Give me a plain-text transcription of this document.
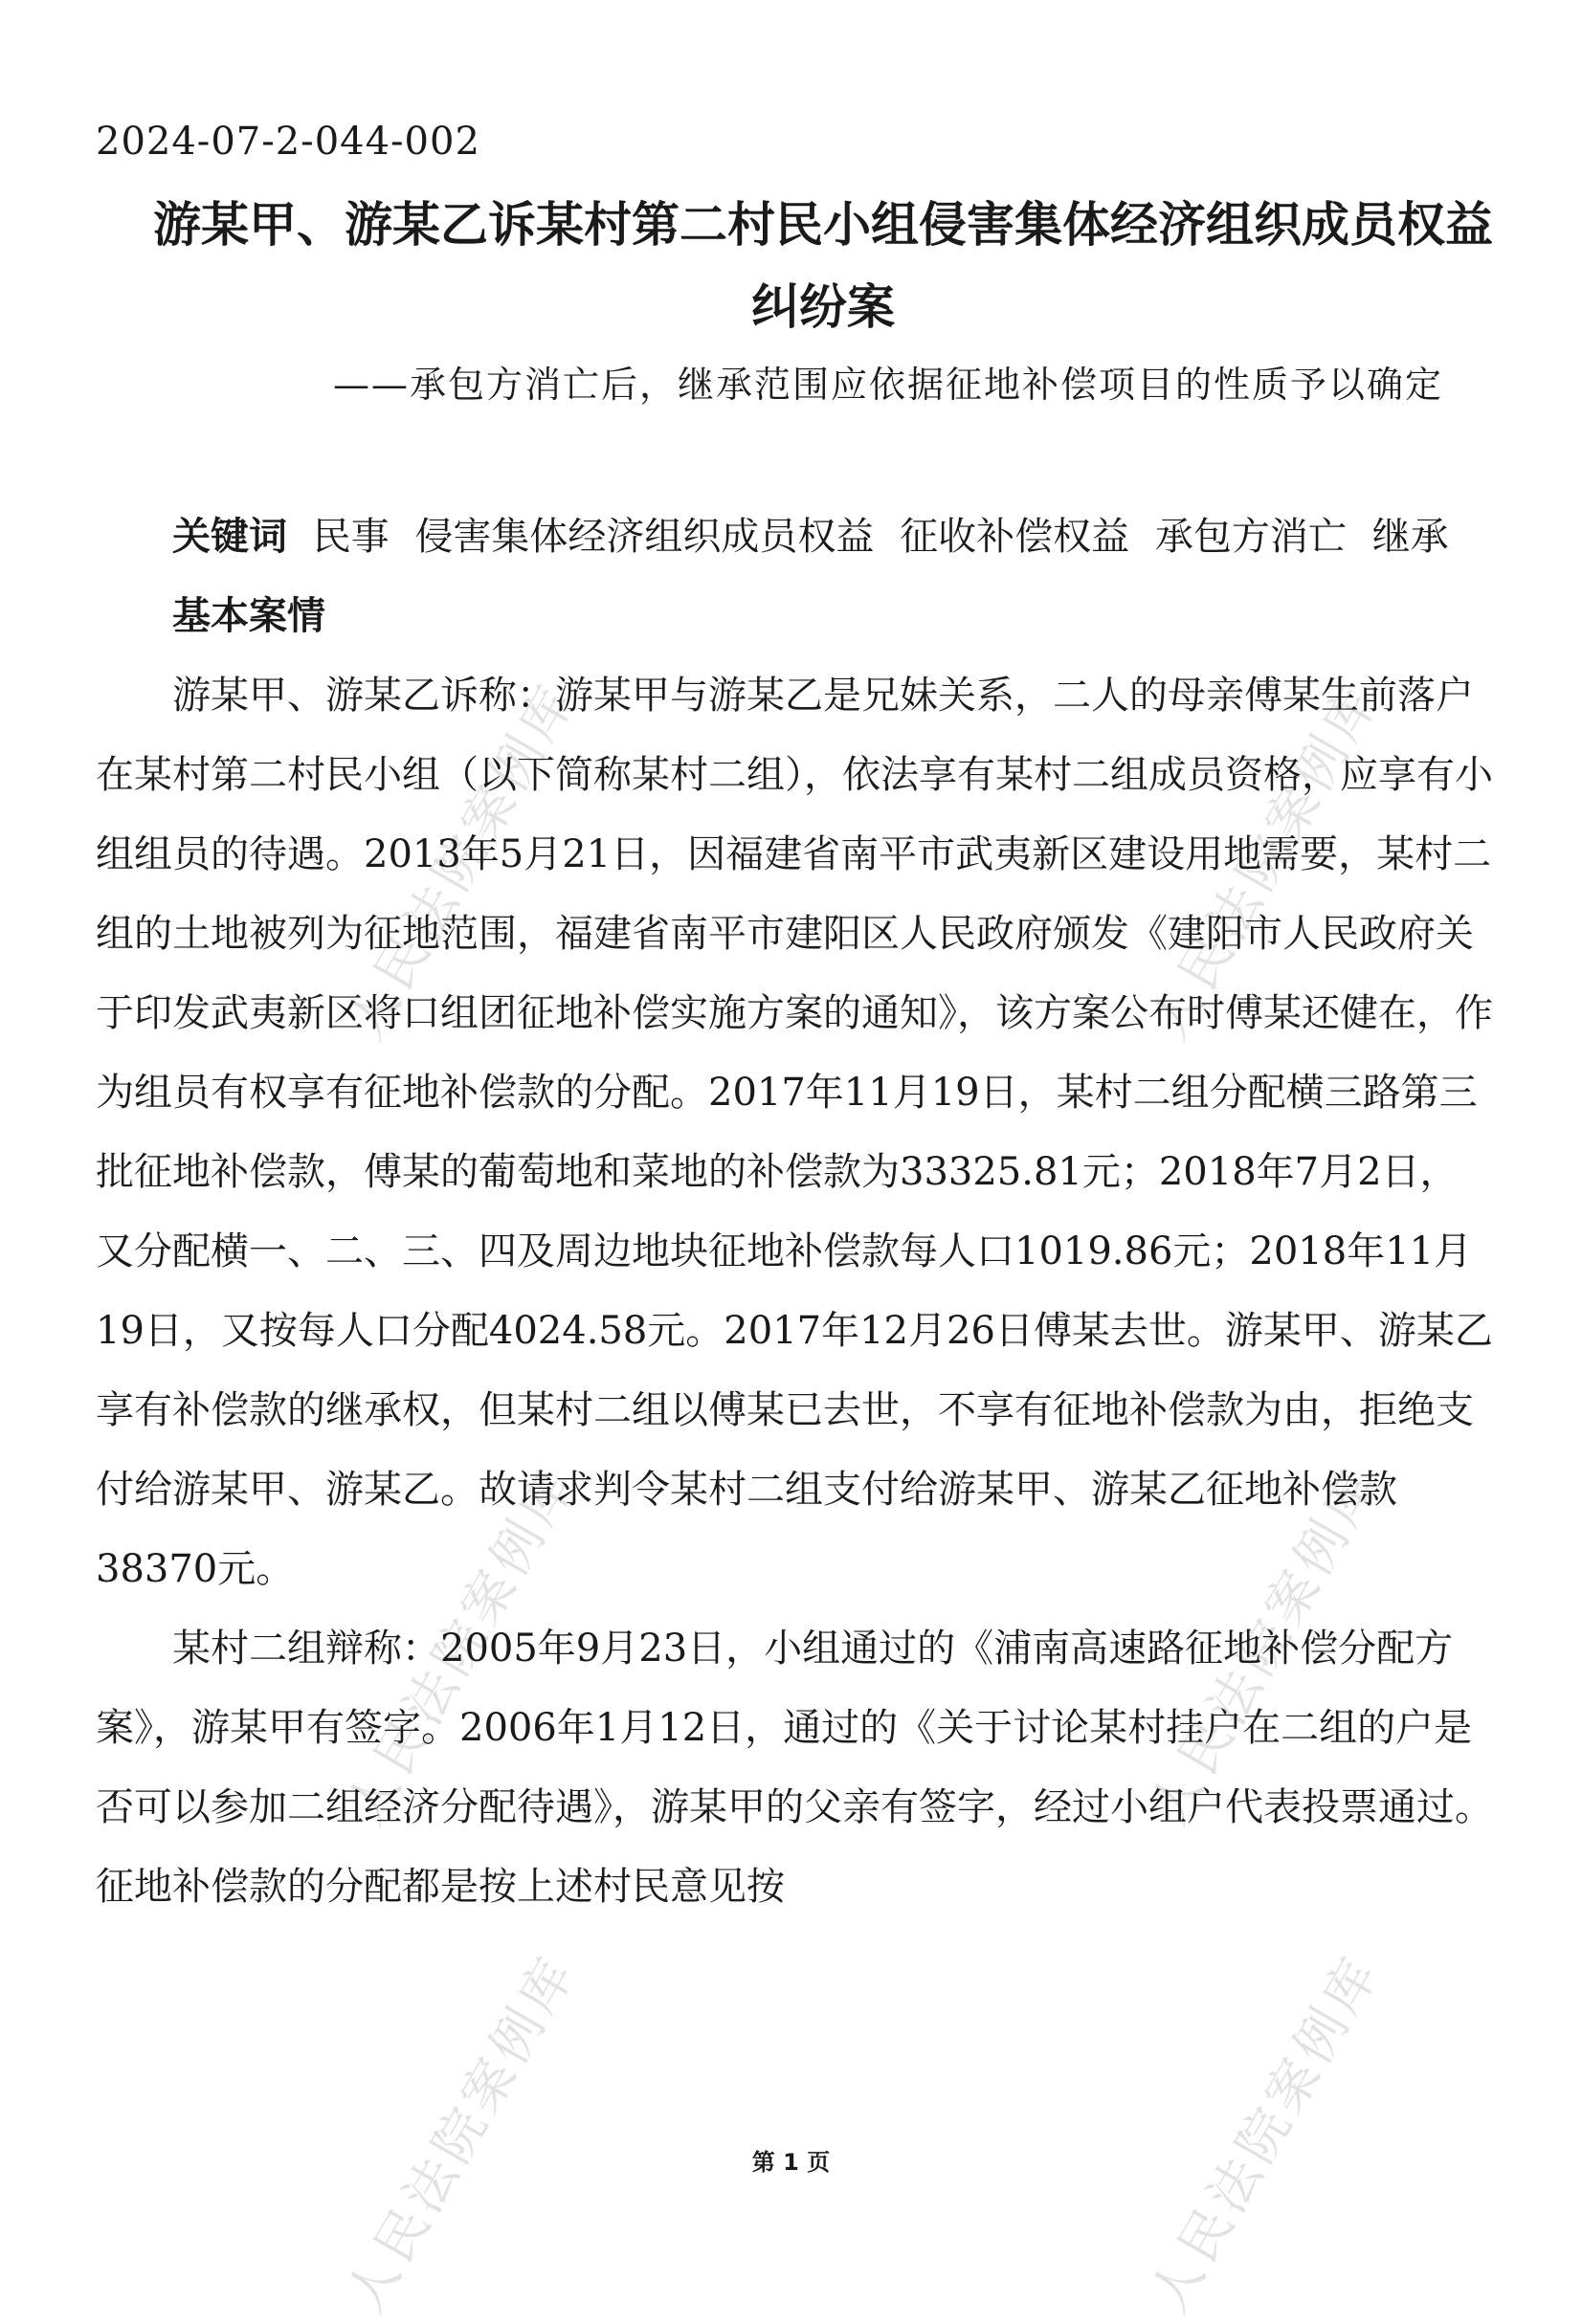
人民法院案例库	人民法院案例库
人民法院案例库	人民法院案例库
人民法院案例库	人民法院案例库
2024-07-2-044-002
游某甲、游某乙诉某村第二村民小组侵害集体经济组织成员权益纠纷案
——承包方消亡后，继承范围应依据征地补偿项目的性质予以确定

关键词 民事 侵害集体经济组织成员权益 征收补偿权益 承包方消亡 继承

基本案情

游某甲、游某乙诉称：游某甲与游某乙是兄妹关系，二人的母亲傅某生前落户在某村第二村民小组（以下简称某村二组），依法享有某村二组成员资格，应享有小组组员的待遇。2013年5月21日，因福建省南平市武夷新区建设用地需要，某村二组的土地被列为征地范围，福建省南平市建阳区人民政府颁发《建阳市人民政府关于印发武夷新区将口组团征地补偿实施方案的通知》，该方案公布时傅某还健在，作为组员有权享有征地补偿款的分配。2017年11月19日，某村二组分配横三路第三批征地补偿款，傅某的葡萄地和菜地的补偿款为33325.81元；2018年7月2日，又分配横一、二、三、四及周边地块征地补偿款每人口1019.86元；2018年11月19日，又按每人口分配4024.58元。2017年12月26日傅某去世。游某甲、游某乙享有补偿款的继承权，但某村二组以傅某已去世，不享有征地补偿款为由，拒绝支付给游某甲、游某乙。故请求判令某村二组支付给游某甲、游某乙征地补偿款38370元。

某村二组辩称：2005年9月23日，小组通过的《浦南高速路征地补偿分配方案》，游某甲有签字。2006年1月12日，通过的《关于讨论某村挂户在二组的户是否可以参加二组经济分配待遇》，游某甲的父亲有签字，经过小组户代表投票通过。征地补偿款的分配都是按上述村民意见按

第 1 页
